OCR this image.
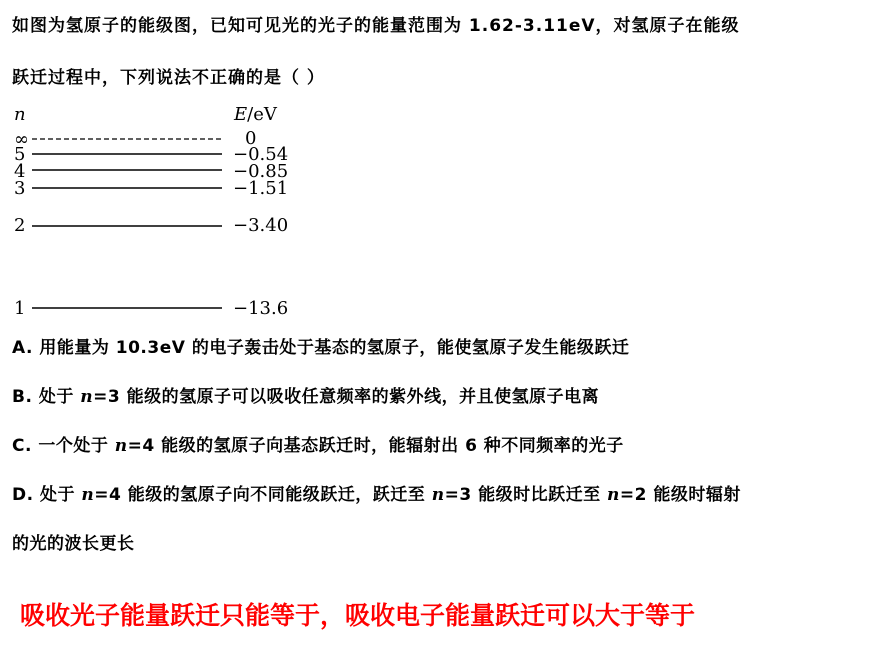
如图为氢原子的能级图，已知可见光的光子的能量范围为 1.62-3.11eV，对氢原子在能级
跃迁过程中，下列说法不正确的是（ ）
n	E/eV
∞	0
5	−0.54
4	−0.85
3	−1.51
2	−3.40
1	−13.6
A. 用能量为 10.3eV 的电子轰击处于基态的氢原子，能使氢原子发生能级跃迁
B. 处于 n=3 能级的氢原子可以吸收任意频率的紫外线，并且使氢原子电离
C. 一个处于 n=4 能级的氢原子向基态跃迁时，能辐射出 6 种不同频率的光子
D. 处于 n=4 能级的氢原子向不同能级跃迁，跃迁至 n=3 能级时比跃迁至 n=2 能级时辐射
的光的波长更长
吸收光子能量跃迁只能等于，吸收电子能量跃迁可以大于等于
